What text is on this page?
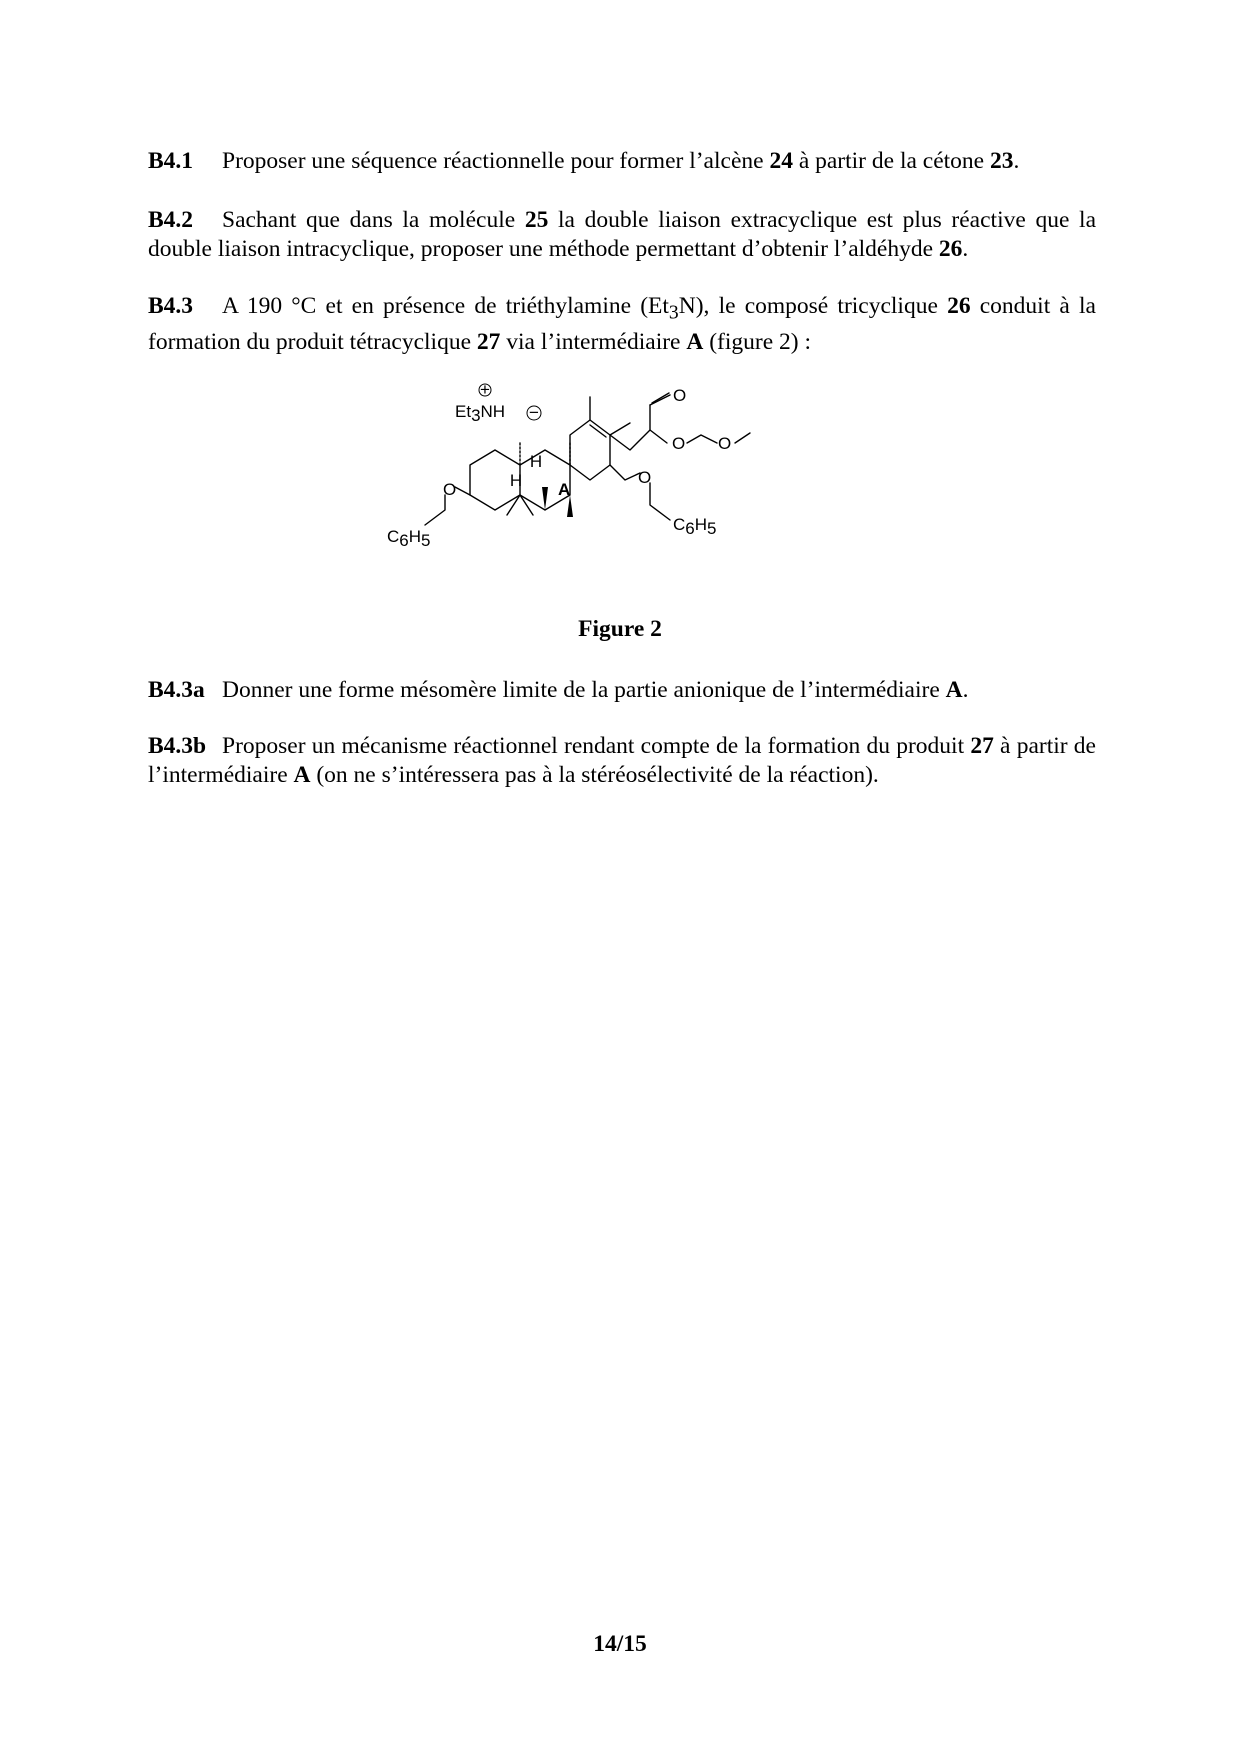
B4.1 Proposer une séquence réactionnelle pour former l’alcène 24 à partir de la cétone 23.

B4.2 Sachant que dans la molécule 25 la double liaison extracyclique est plus réactive que la double liaison intracyclique, proposer une méthode permettant d’obtenir l’aldéhyde 26.

B4.3 A 190 °C et en présence de triéthylamine $(Et_3N)$, le composé tricyclique 26 conduit à la formation du produit tétracyclique 27 via l’intermédiaire A (figure 2) :

+
Et3NH −
O
O O
O
O
H
H A
C6H5
C6H5
Figure 2

B4.3a Donner une forme mésomère limite de la partie anionique de l’intermédiaire A.

B4.3b Proposer un mécanisme réactionnel rendant compte de la formation du produit 27 à partir de l’intermédiaire A (on ne s’intéressera pas à la stéréosélectivité de la réaction).

14/15
